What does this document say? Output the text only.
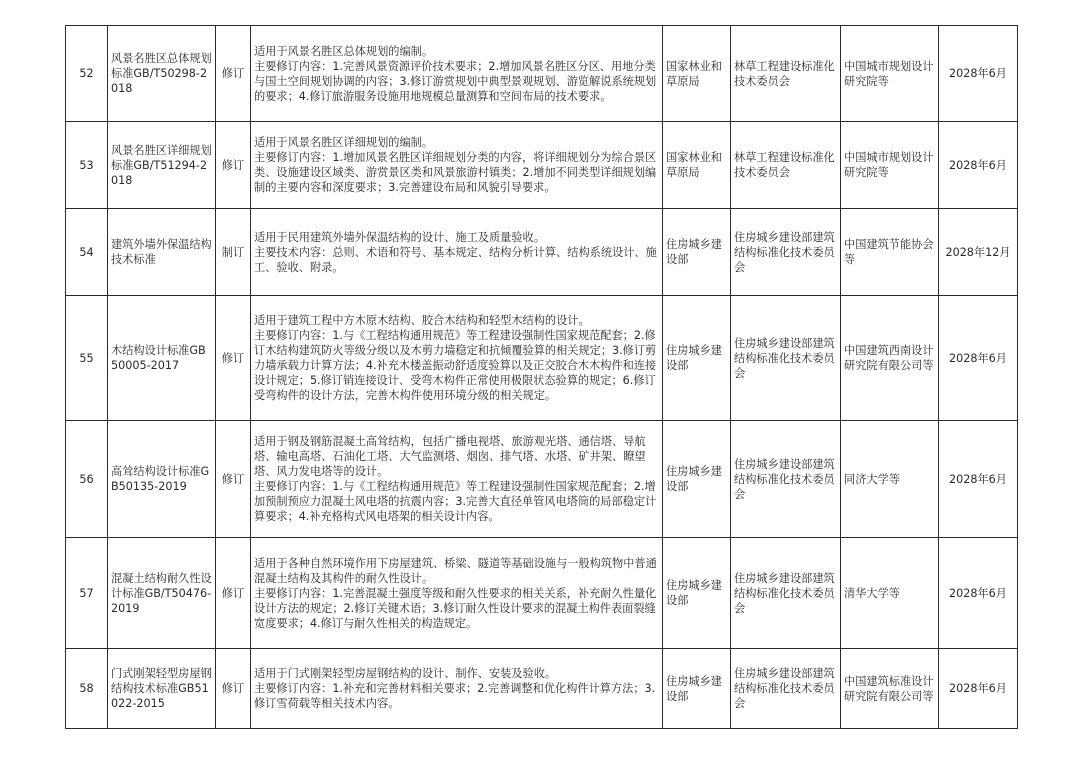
52	风景名胜区总体规划标准GB/T50298-2018	修订	适用于风景名胜区总体规划的编制。
主要修订内容：1.完善风景资源评价技术要求；2.增加风景名胜区分区、用地分类与国土空间规划协调的内容；3.修订游赏规划中典型景观规划、游览解说系统规划的要求；4.修订旅游服务设施用地规模总量测算和空间布局的技术要求。	国家林业和草原局	林草工程建设标准化技术委员会	中国城市规划设计研究院等	2028年6月
53	风景名胜区详细规划标准GB/T51294-2018	修订	适用于风景名胜区详细规划的编制。
主要修订内容：1.增加风景名胜区详细规划分类的内容，将详细规划分为综合景区类、设施建设区域类、游赏景区类和风景旅游村镇类；2.增加不同类型详细规划编制的主要内容和深度要求；3.完善建设布局和风貌引导要求。	国家林业和草原局	林草工程建设标准化技术委员会	中国城市规划设计研究院等	2028年6月
54	建筑外墙外保温结构技术标准	制订	适用于民用建筑外墙外保温结构的设计、施工及质量验收。
主要技术内容：总则、术语和符号、基本规定、结构分析计算、结构系统设计、施工、验收、附录。	住房城乡建设部	住房城乡建设部建筑结构标准化技术委员会	中国建筑节能协会等	2028年12月
55	木结构设计标准GB50005-2017	修订	适用于建筑工程中方木原木结构、胶合木结构和轻型木结构的设计。
主要修订内容：1.与《工程结构通用规范》等工程建设强制性国家规范配套；2.修订木结构建筑防火等级分级以及木剪力墙稳定和抗倾覆验算的相关规定；3.修订剪力墙承载力计算方法；4.补充木楼盖振动舒适度验算以及正交胶合木木构件和连接设计规定；5.修订销连接设计、受弯木构件正常使用极限状态验算的规定；6.修订受弯构件的设计方法，完善木构件使用环境分级的相关规定。	住房城乡建设部	住房城乡建设部建筑结构标准化技术委员会	中国建筑西南设计研究院有限公司等	2028年6月
56	高耸结构设计标准GB50135-2019	修订	适用于钢及钢筋混凝土高耸结构，包括广播电视塔、旅游观光塔、通信塔、导航塔、输电高塔、石油化工塔、大气监测塔、烟囱、排气塔、水塔、矿井架、瞭望塔、风力发电塔等的设计。
主要修订内容：1.与《工程结构通用规范》等工程建设强制性国家规范配套；2.增加预制预应力混凝土风电塔的抗震内容；3.完善大直径单管风电塔筒的局部稳定计算要求；4.补充格构式风电塔架的相关设计内容。	住房城乡建设部	住房城乡建设部建筑结构标准化技术委员会	同济大学等	2028年6月
57	混凝土结构耐久性设计标准GB/T50476-2019	修订	适用于各种自然环境作用下房屋建筑、桥梁、隧道等基础设施与一般构筑物中普通混凝土结构及其构件的耐久性设计。
主要修订内容：1.完善混凝土强度等级和耐久性要求的相关关系，补充耐久性量化设计方法的规定；2.修订关键术语；3.修订耐久性设计要求的混凝土构件表面裂缝宽度要求；4.修订与耐久性相关的构造规定。	住房城乡建设部	住房城乡建设部建筑结构标准化技术委员会	清华大学等	2028年6月
58	门式刚架轻型房屋钢结构技术标准GB51022-2015	修订	适用于门式刚架轻型房屋钢结构的设计、制作、安装及验收。
主要修订内容：1.补充和完善材料相关要求；2.完善调整和优化构件计算方法；3.修订雪荷载等相关技术内容。	住房城乡建设部	住房城乡建设部建筑结构标准化技术委员会	中国建筑标准设计研究院有限公司等	2028年6月
